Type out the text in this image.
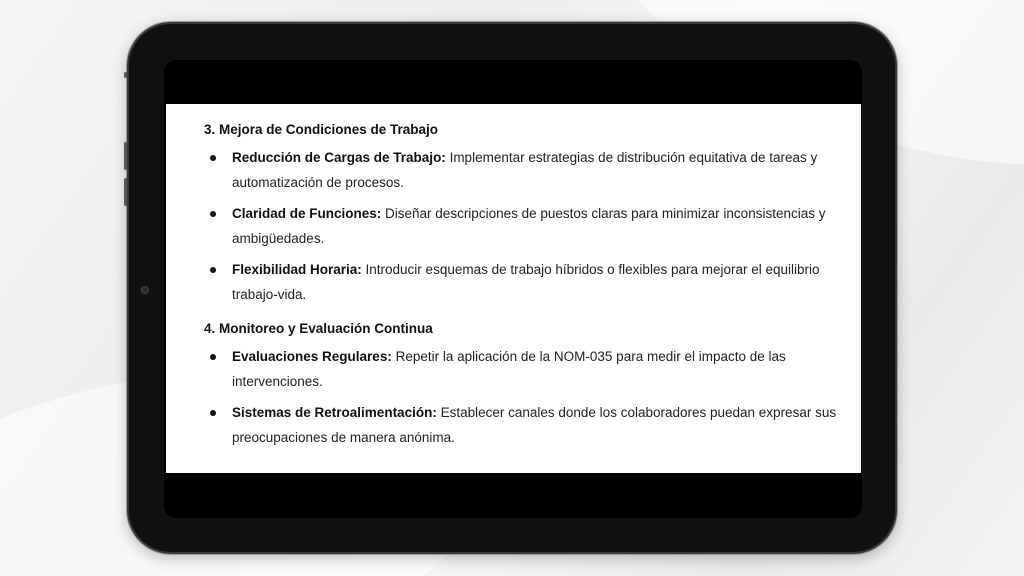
3. Mejora de Condiciones de Trabajo
Reducción de Cargas de Trabajo: Implementar estrategias de distribución equitativa de tareas y automatización de procesos.
Claridad de Funciones: Diseñar descripciones de puestos claras para minimizar inconsistencias y ambigüedades.
Flexibilidad Horaria: Introducir esquemas de trabajo híbridos o flexibles para mejorar el equilibrio trabajo-vida.
4. Monitoreo y Evaluación Continua
Evaluaciones Regulares: Repetir la aplicación de la NOM-035 para medir el impacto de las intervenciones.
Sistemas de Retroalimentación: Establecer canales donde los colaboradores puedan expresar sus preocupaciones de manera anónima.
